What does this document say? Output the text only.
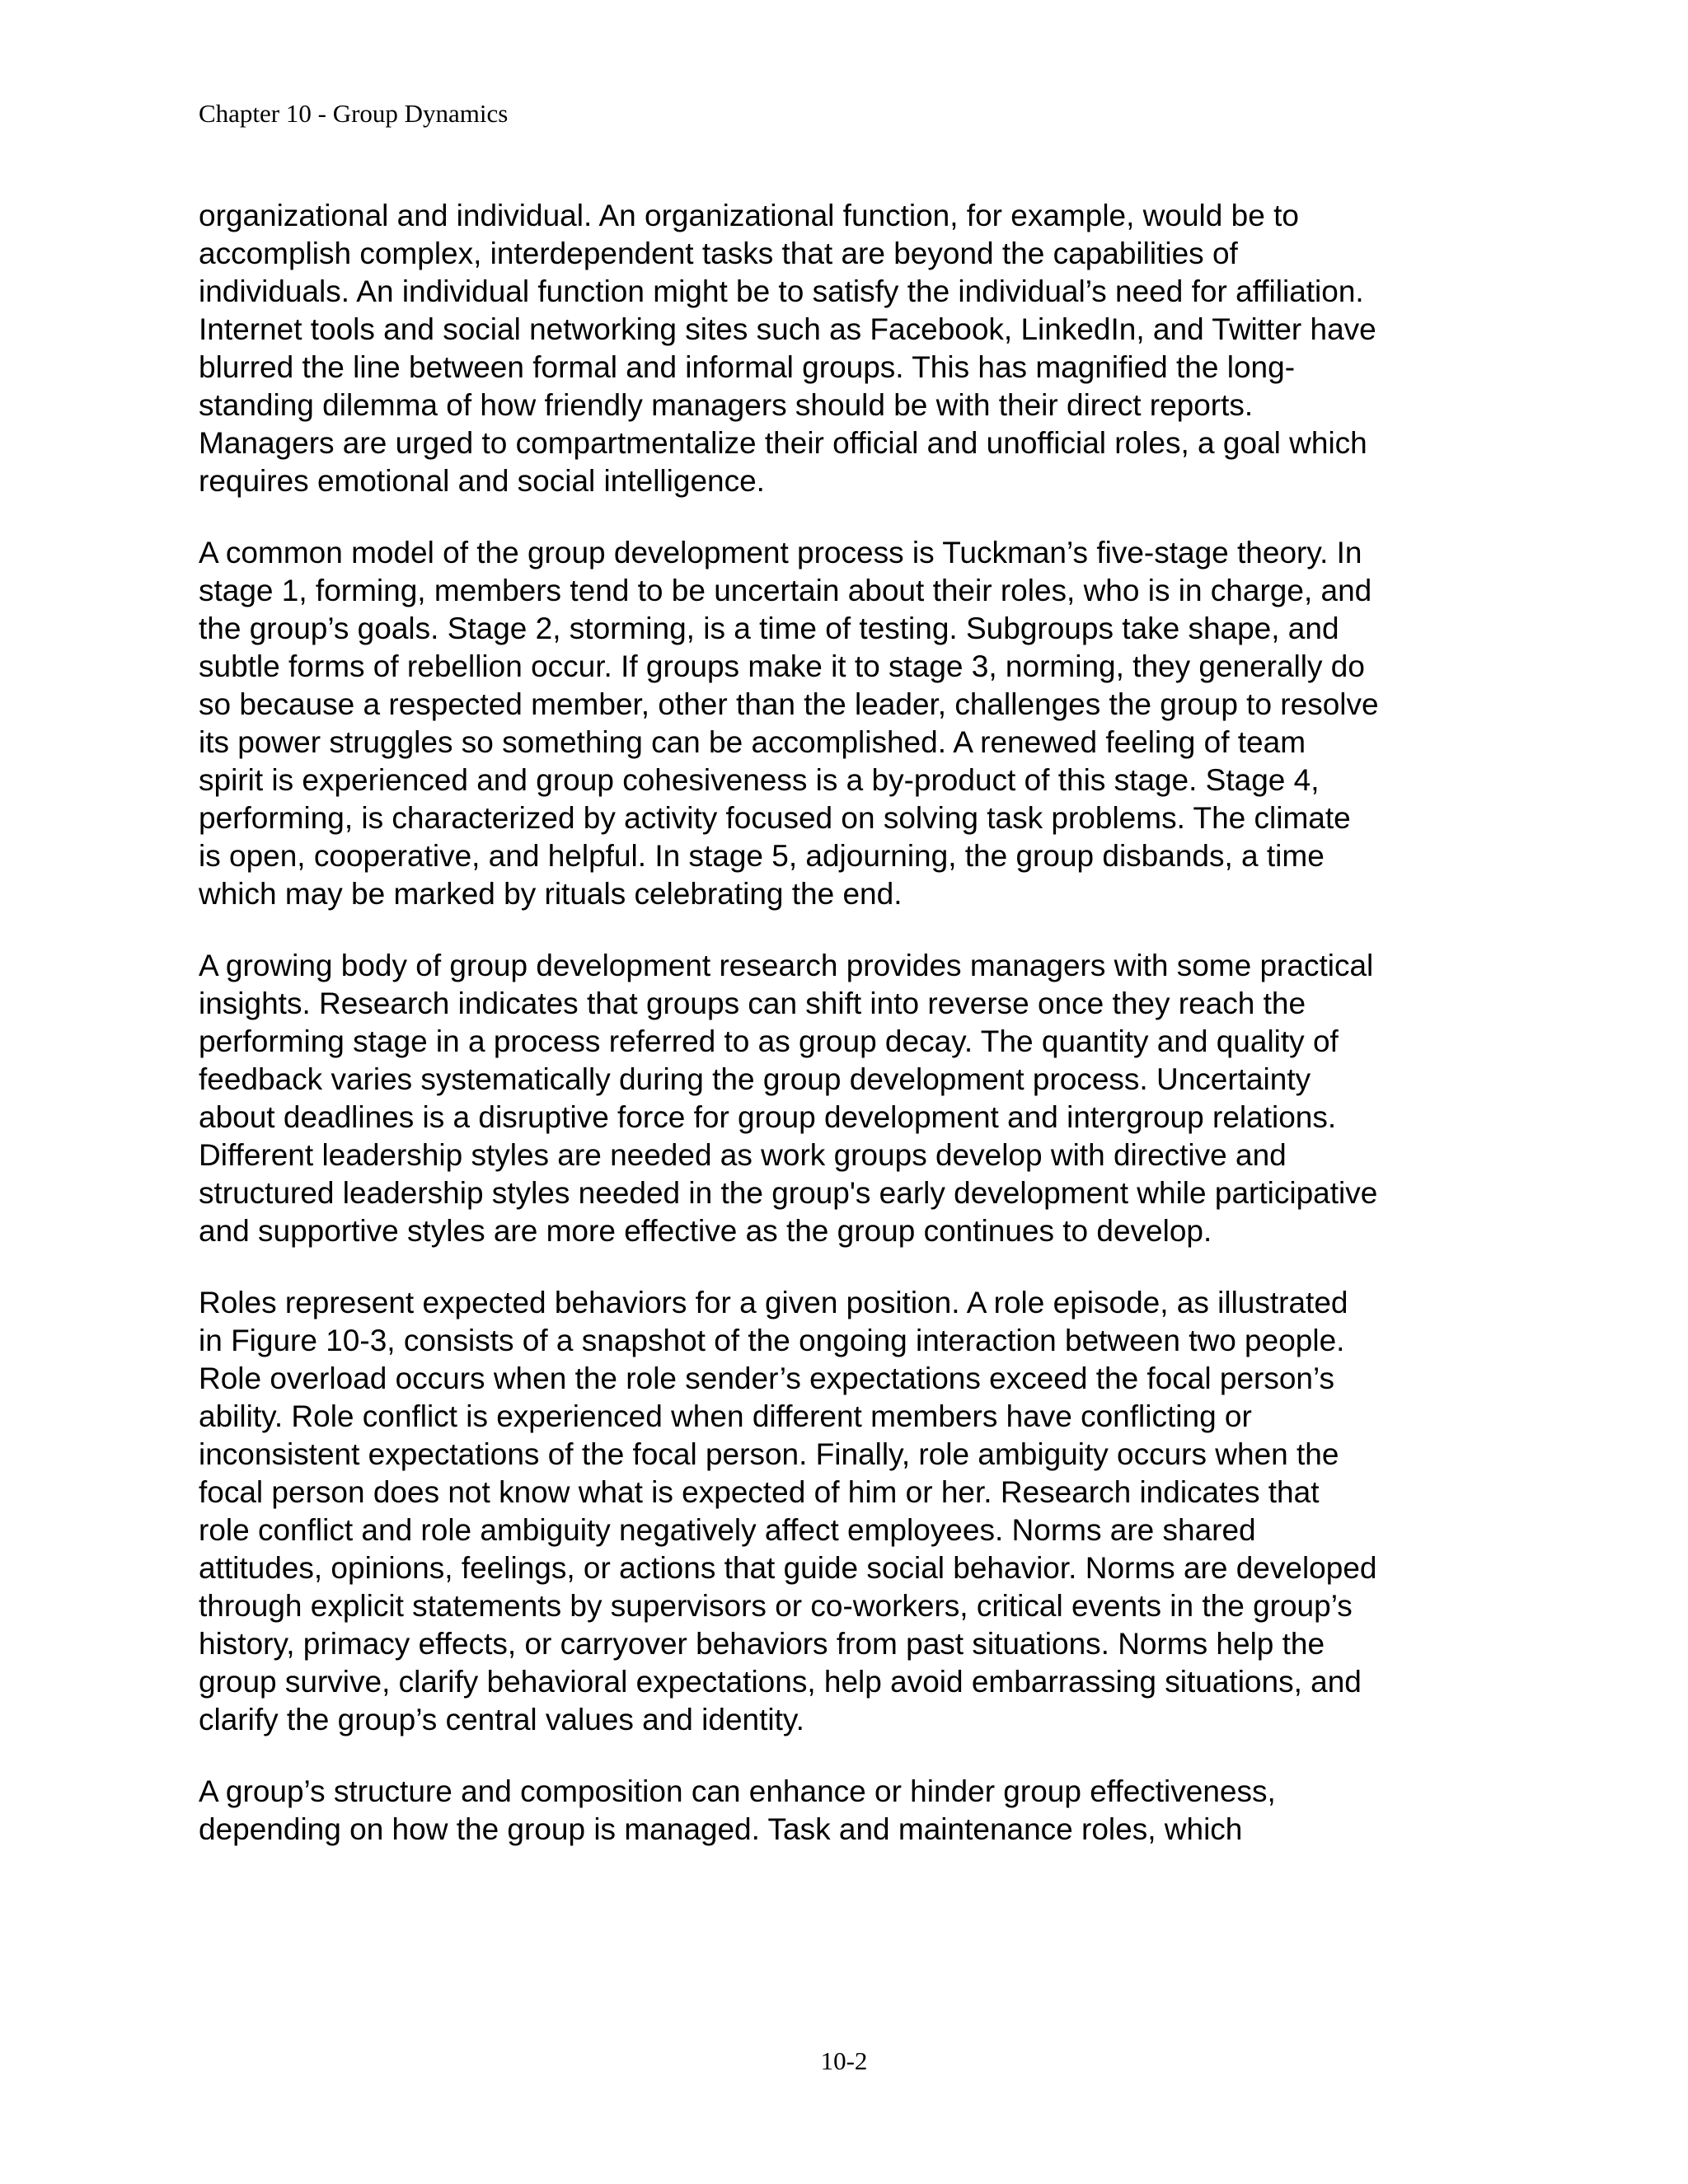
Chapter 10 - Group Dynamics

organizational and individual. An organizational function, for example, would be to
accomplish complex, interdependent tasks that are beyond the capabilities of
individuals. An individual function might be to satisfy the individual’s need for affiliation.
Internet tools and social networking sites such as Facebook, LinkedIn, and Twitter have
blurred the line between formal and informal groups. This has magnified the long-
standing dilemma of how friendly managers should be with their direct reports.
Managers are urged to compartmentalize their official and unofficial roles, a goal which
requires emotional and social intelligence.

A common model of the group development process is Tuckman’s five-stage theory. In
stage 1, forming, members tend to be uncertain about their roles, who is in charge, and
the group’s goals. Stage 2, storming, is a time of testing. Subgroups take shape, and
subtle forms of rebellion occur. If groups make it to stage 3, norming, they generally do
so because a respected member, other than the leader, challenges the group to resolve
its power struggles so something can be accomplished. A renewed feeling of team
spirit is experienced and group cohesiveness is a by-product of this stage. Stage 4,
performing, is characterized by activity focused on solving task problems. The climate
is open, cooperative, and helpful. In stage 5, adjourning, the group disbands, a time
which may be marked by rituals celebrating the end.

A growing body of group development research provides managers with some practical
insights. Research indicates that groups can shift into reverse once they reach the
performing stage in a process referred to as group decay. The quantity and quality of
feedback varies systematically during the group development process. Uncertainty
about deadlines is a disruptive force for group development and intergroup relations.
Different leadership styles are needed as work groups develop with directive and
structured leadership styles needed in the group's early development while participative
and supportive styles are more effective as the group continues to develop.

Roles represent expected behaviors for a given position. A role episode, as illustrated
in Figure 10-3, consists of a snapshot of the ongoing interaction between two people.
Role overload occurs when the role sender’s expectations exceed the focal person’s
ability. Role conflict is experienced when different members have conflicting or
inconsistent expectations of the focal person. Finally, role ambiguity occurs when the
focal person does not know what is expected of him or her. Research indicates that
role conflict and role ambiguity negatively affect employees. Norms are shared
attitudes, opinions, feelings, or actions that guide social behavior. Norms are developed
through explicit statements by supervisors or co-workers, critical events in the group’s
history, primacy effects, or carryover behaviors from past situations. Norms help the
group survive, clarify behavioral expectations, help avoid embarrassing situations, and
clarify the group’s central values and identity.

A group’s structure and composition can enhance or hinder group effectiveness,
depending on how the group is managed. Task and maintenance roles, which

10-2
